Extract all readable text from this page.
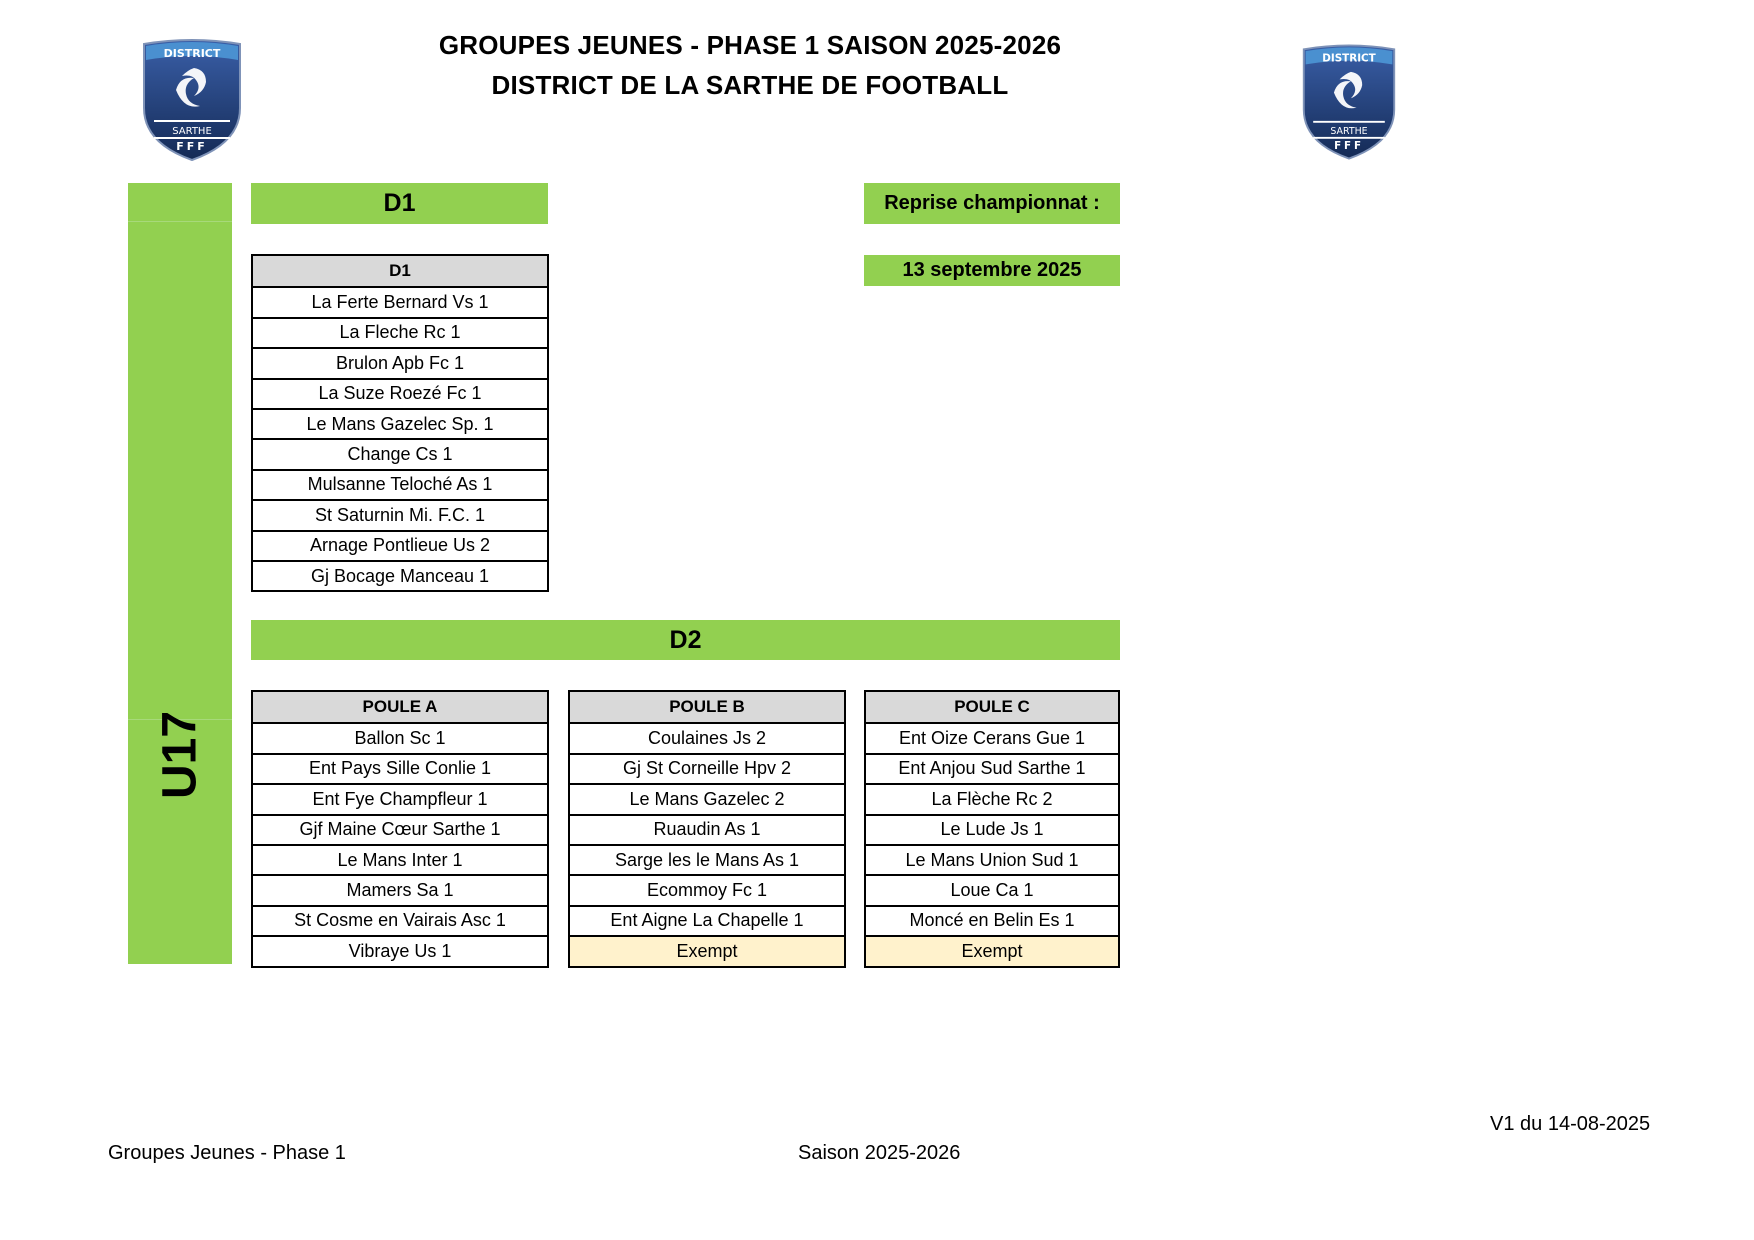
GROUPES JEUNES - PHASE 1 SAISON 2025-2026
DISTRICT DE LA SARTHE DE FOOTBALL
DISTRICT
SARTHE
FFF
DISTRICT
SARTHE
FFF
U17
D1	Reprise championnat :
13 septembre 2025
D1
La Ferte Bernard Vs 1
La Fleche Rc 1
Brulon Apb Fc 1
La Suze Roezé Fc 1
Le Mans Gazelec Sp. 1
Change Cs 1
Mulsanne Teloché As 1
St Saturnin Mi. F.C. 1
Arnage Pontlieue Us 2
Gj Bocage Manceau 1
D2
POULE A
Ballon Sc 1
Ent Pays Sille Conlie 1
Ent Fye Champfleur 1
Gjf Maine Cœur Sarthe 1
Le Mans Inter 1
Mamers Sa 1
St Cosme en Vairais Asc 1
Vibraye Us 1
POULE B
Coulaines Js 2
Gj St Corneille Hpv 2
Le Mans Gazelec 2
Ruaudin As 1
Sarge les le Mans As 1
Ecommoy Fc 1
Ent Aigne La Chapelle 1
Exempt
POULE C
Ent Oize Cerans Gue 1
Ent Anjou Sud Sarthe 1
La Flèche Rc 2
Le Lude Js 1
Le Mans Union Sud 1
Loue Ca 1
Moncé en Belin Es 1
Exempt
V1 du 14-08-2025
Groupes Jeunes - Phase 1	Saison 2025-2026
